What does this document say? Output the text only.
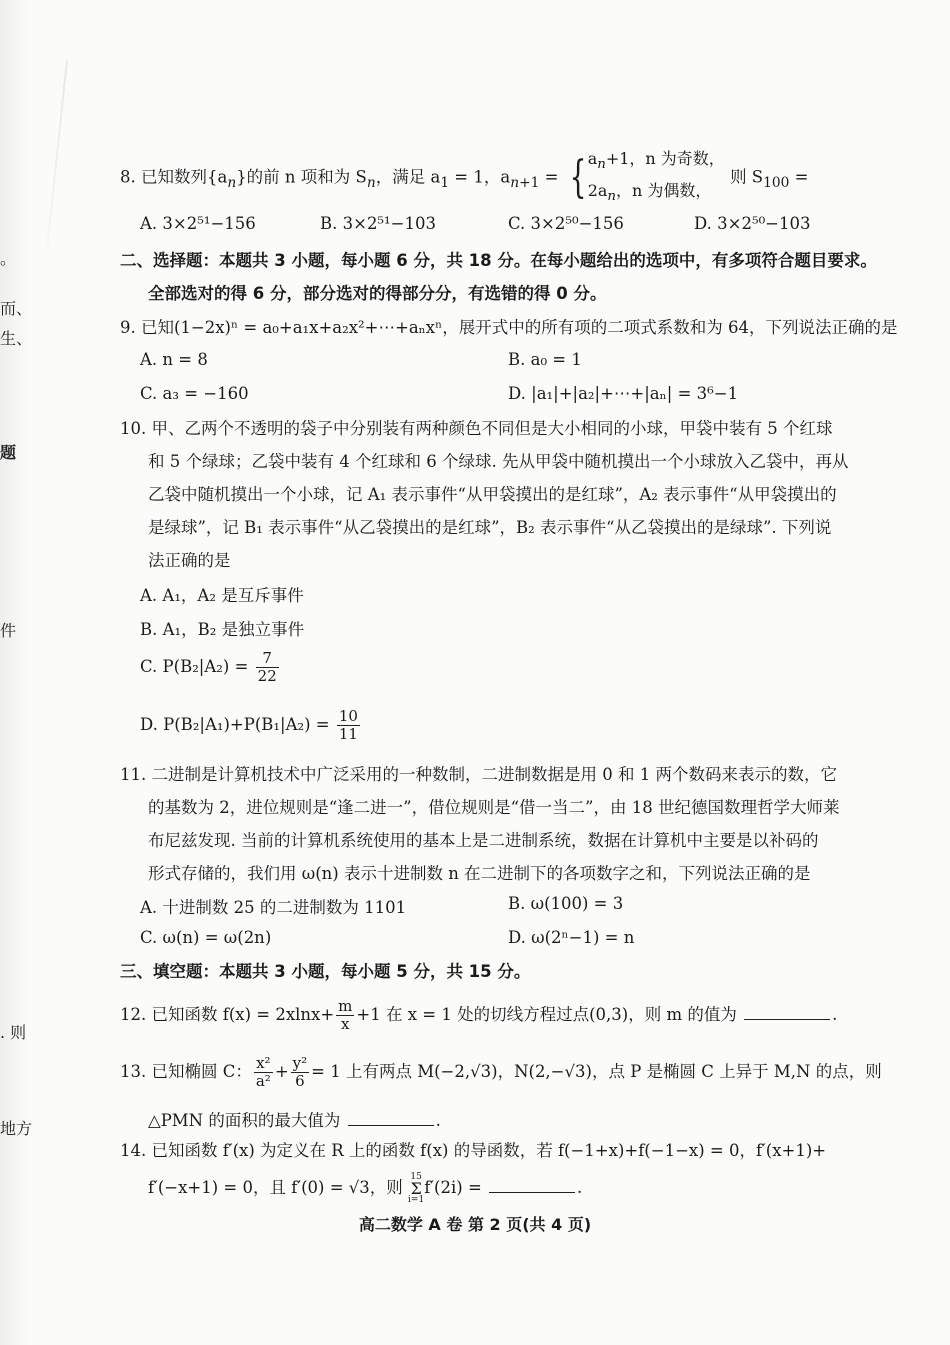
。
而、
生、
题
件
. 则
地方
8. 已知数列$\{a_n\}$的前 n 项和为 $S_n$，满足 $a_1 = 1$，$a_{n+1}$ = { $a_n+1$，n 为奇数，
$2a_n$，n 为偶数，
则 $S_{100}$ =
A. 3×2⁵¹−156	B. 3×2⁵¹−103	C. 3×2⁵⁰−156	D. 3×2⁵⁰−103
二、选择题：本题共 3 小题，每小题 6 分，共 18 分。在每小题给出的选项中，有多项符合题目要求。
全部选对的得 6 分，部分选对的得部分分，有选错的得 0 分。
9. 已知(1−2x)ⁿ = a₀+a₁x+a₂x²+⋯+aₙxⁿ，展开式中的所有项的二项式系数和为 64，下列说法正确的是
A. n = 8	B. a₀ = 1
C. a₃ = −160	D. |a₁|+|a₂|+⋯+|aₙ| = 3⁶−1
10. 甲、乙两个不透明的袋子中分别装有两种颜色不同但是大小相同的小球，甲袋中装有 5 个红球
和 5 个绿球；乙袋中装有 4 个红球和 6 个绿球. 先从甲袋中随机摸出一个小球放入乙袋中，再从
乙袋中随机摸出一个小球，记 A₁ 表示事件“从甲袋摸出的是红球”，A₂ 表示事件“从甲袋摸出的
是绿球”，记 B₁ 表示事件“从乙袋摸出的是红球”，B₂ 表示事件“从乙袋摸出的是绿球”. 下列说
法正确的是
A. A₁，A₂ 是互斥事件
B. A₁，B₂ 是独立事件
C. $P(B_2|A_2) = \frac{7}{22}$
D. $P(B_2|A_1)+P(B_1|A_2) = \frac{10}{11}$
11. 二进制是计算机技术中广泛采用的一种数制，二进制数据是用 0 和 1 两个数码来表示的数，它
的基数为 2，进位规则是“逢二进一”，借位规则是“借一当二”，由 18 世纪德国数理哲学大师莱
布尼兹发现. 当前的计算机系统使用的基本上是二进制系统，数据在计算机中主要是以补码的
形式存储的，我们用 ω(n) 表示十进制数 n 在二进制下的各项数字之和，下列说法正确的是
A. 十进制数 25 的二进制数为 1101	B. ω(100) = 3
C. ω(n) = ω(2n)	D. ω(2ⁿ−1) = n
三、填空题：本题共 3 小题，每小题 5 分，共 15 分。
12. 已知函数 $f(x) = 2xlnx+ \frac{m}{x} +1$ 在 x = 1 处的切线方程过点(0,3)，则 m 的值为	.
13. 已知椭圆 C： $\frac{\text{x²}}{\text{a²}} + \frac{\text{y²}}{6} = 1$ 上有两点 M(−2,√3)，N(2,−√3)，点 P 是椭圆 C 上异于 M,N 的点，则
△PMN 的面积的最大值为	.
14. 已知函数 f′(x) 为定义在 R 上的函数 f(x) 的导函数，若 f(−1+x)+f(−1−x) = 0，f′(x+1)+
f′(−x+1) = 0，且 f′(0) = √3，则 15
Σ
i=1f′(2i) =	.
高二数学 A 卷 第 2 页(共 4 页)
